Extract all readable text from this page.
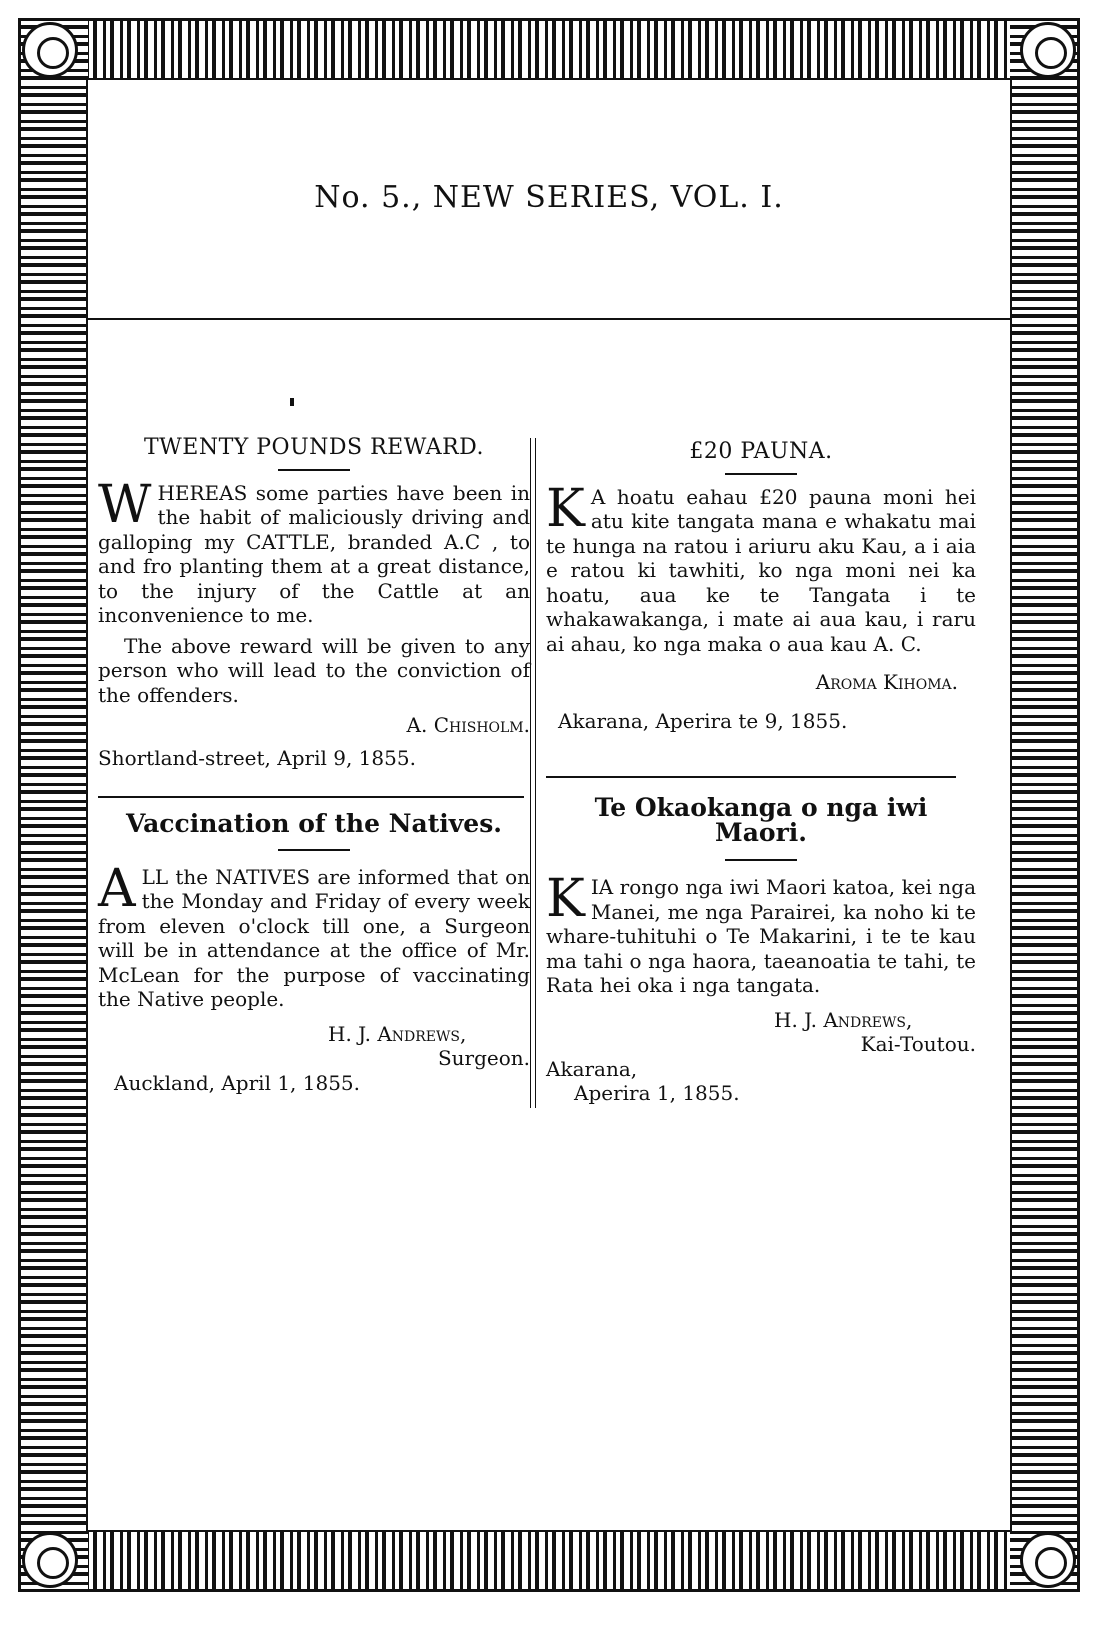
No. 5., NEW SERIES, VOL. I.
TWENTY POUNDS REWARD.

WHEREAS some parties have been in the habit of maliciously driving and galloping my CATTLE, branded A.C , to and fro planting them at a great distance, to the injury of the Cattle at an inconvenience to me.

The above reward will be given to any person who will lead to the conviction of the offenders.

A. Chisholm.
Shortland-street, April 9, 1855.
Vaccination of the Natives.

ALL the NATIVES are informed that on the Monday and Friday of every week from eleven o'clock till one, a Surgeon will be in attendance at the office of Mr. McLean for the purpose of vaccinating the Native people.

H. J. Andrews,
Surgeon.
Auckland, April 1, 1855.
£20 PAUNA.

K A hoatu eahau £20 pauna moni hei atu kite tangata mana e whakatu mai te hunga na ratou i ariuru aku Kau, a i aia e ratou ki tawhiti, ko nga moni nei ka hoatu, aua ke te Tangata i te whakawakanga, i mate ai aua kau, i raru ai ahau, ko nga maka o aua kau A. C.

Aroma Kihoma.
Akarana, Aperira te 9, 1855.
Te Okaokanga o nga iwi Maori.

KIA rongo nga iwi Maori katoa, kei nga Manei, me nga Parairei, ka noho ki te whare-tuhituhi o Te Makarini, i te te kau ma tahi o nga haora, taeanoatia te tahi, te Rata hei oka i nga tangata.

H. J. Andrews,
Kai-Toutou.
Akarana,
Aperira 1, 1855.
